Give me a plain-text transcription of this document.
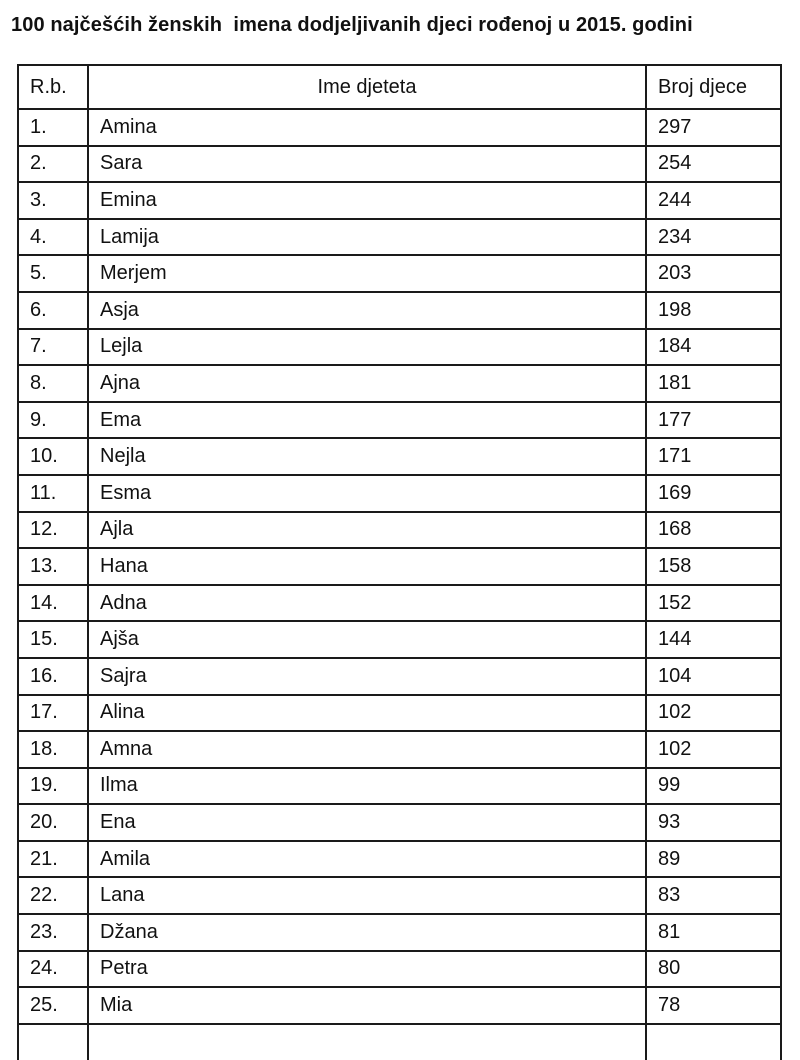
100 najčešćih ženskih  imena dodjeljivanih djeci rođenoj u 2015. godini
R.b.	Ime djeteta	Broj djece
1.	Amina	297
2.	Sara	254
3.	Emina	244
4.	Lamija	234
5.	Merjem	203
6.	Asja	198
7.	Lejla	184
8.	Ajna	181
9.	Ema	177
10.	Nejla	171
11.	Esma	169
12.	Ajla	168
13.	Hana	158
14.	Adna	152
15.	Ajša	144
16.	Sajra	104
17.	Alina	102
18.	Amna	102
19.	Ilma	99
20.	Ena	93
21.	Amila	89
22.	Lana	83
23.	Džana	81
24.	Petra	80
25.	Mia	78
